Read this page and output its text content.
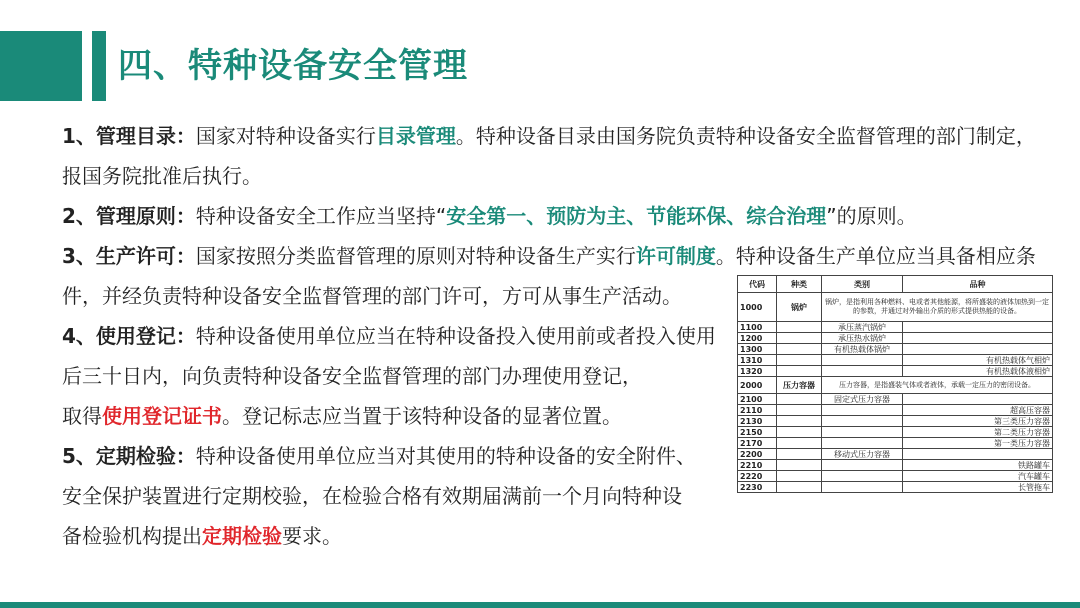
四、特种设备安全管理
1、管理目录：国家对特种设备实行目录管理。特种设备目录由国务院负责特种设备安全监督管理的部门制定，
报国务院批准后执行。
2、管理原则：特种设备安全工作应当坚持“安全第一、预防为主、节能环保、综合治理”的原则。
3、生产许可：国家按照分类监督管理的原则对特种设备生产实行许可制度。特种设备生产单位应当具备相应条
件，并经负责特种设备安全监督管理的部门许可，方可从事生产活动。
4、使用登记：特种设备使用单位应当在特种设备投入使用前或者投入使用
后三十日内，向负责特种设备安全监督管理的部门办理使用登记，
取得使用登记证书。登记标志应当置于该特种设备的显著位置。
5、定期检验：特种设备使用单位应当对其使用的特种设备的安全附件、
安全保护装置进行定期校验，在检验合格有效期届满前一个月向特种设
备检验机构提出定期检验要求。
代码	种类	类别	品种
1000	锅炉	锅炉，是指利用各种燃料、电或者其他能源，将所盛装的液体加热到一定的参数，并通过对外输出介质的形式提供热能的设备。	
1100		承压蒸汽锅炉	
1200		承压热水锅炉	
1300		有机热载体锅炉	
1310			有机热载体气相炉
1320			有机热载体液相炉
2000	压力容器	压力容器，是指盛装气体或者液体，承载一定压力的密闭设备。	
2100		固定式压力容器	
2110			超高压容器
2130			第三类压力容器
2150			第二类压力容器
2170			第一类压力容器
2200		移动式压力容器	
2210			铁路罐车
2220			汽车罐车
2230			长管拖车
